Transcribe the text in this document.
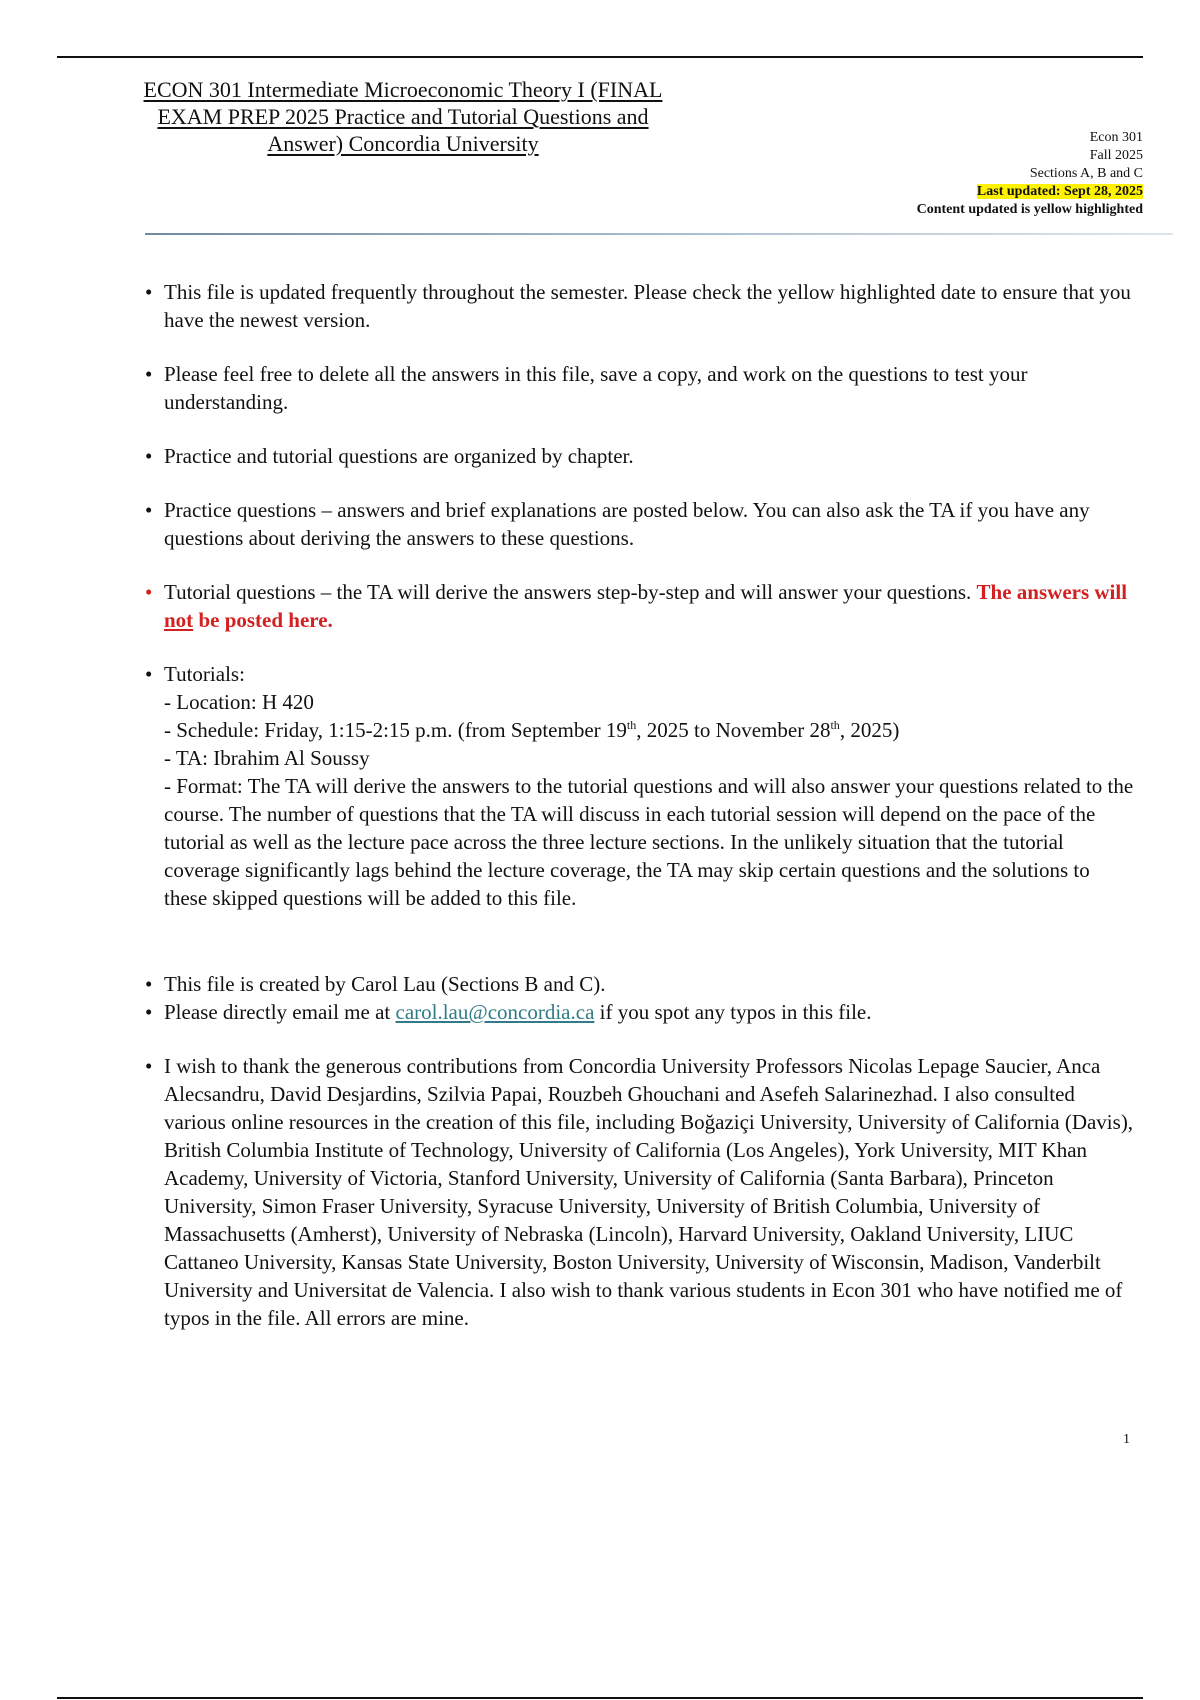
ECON 301 Intermediate Microeconomic Theory I (FINAL
EXAM PREP 2025 Practice and Tutorial Questions and
Answer) Concordia University	Econ 301
Fall 2025
Sections A, B and C
Last updated: Sept 28, 2025
Content updated is yellow highlighted
• This file is updated frequently throughout the semester. Please check the yellow highlighted date to ensure that you have the newest version.
• Please feel free to delete all the answers in this file, save a copy, and work on the questions to test your understanding.
• Practice and tutorial questions are organized by chapter.
• Practice questions – answers and brief explanations are posted below. You can also ask the TA if you have any questions about deriving the answers to these questions.
• Tutorial questions – the TA will derive the answers step-by-step and will answer your questions. The answers will not be posted here.
• Tutorials:
- Location: H 420
- Schedule: Friday, 1:15-2:15 p.m. (from September 19th, 2025 to November 28th, 2025)
- TA: Ibrahim Al Soussy
- Format: The TA will derive the answers to the tutorial questions and will also answer your questions related to the course. The number of questions that the TA will discuss in each tutorial session will depend on the pace of the tutorial as well as the lecture pace across the three lecture sections. In the unlikely situation that the tutorial coverage significantly lags behind the lecture coverage, the TA may skip certain questions and the solutions to these skipped questions will be added to this file.
• This file is created by Carol Lau (Sections B and C).
• Please directly email me at carol.lau@concordia.ca if you spot any typos in this file.
• I wish to thank the generous contributions from Concordia University Professors Nicolas Lepage Saucier, Anca Alecsandru, David Desjardins, Szilvia Papai, Rouzbeh Ghouchani and Asefeh Salarinezhad. I also consulted various online resources in the creation of this file, including Boğaziçi University, University of California (Davis), British Columbia Institute of Technology, University of California (Los Angeles), York University, MIT Khan Academy, University of Victoria, Stanford University, University of California (Santa Barbara), Princeton University, Simon Fraser University, Syracuse University, University of British Columbia, University of Massachusetts (Amherst), University of Nebraska (Lincoln), Harvard University, Oakland University, LIUC Cattaneo University, Kansas State University, Boston University, University of Wisconsin, Madison, Vanderbilt University and Universitat de Valencia. I also wish to thank various students in Econ 301 who have notified me of typos in the file. All errors are mine.
1
